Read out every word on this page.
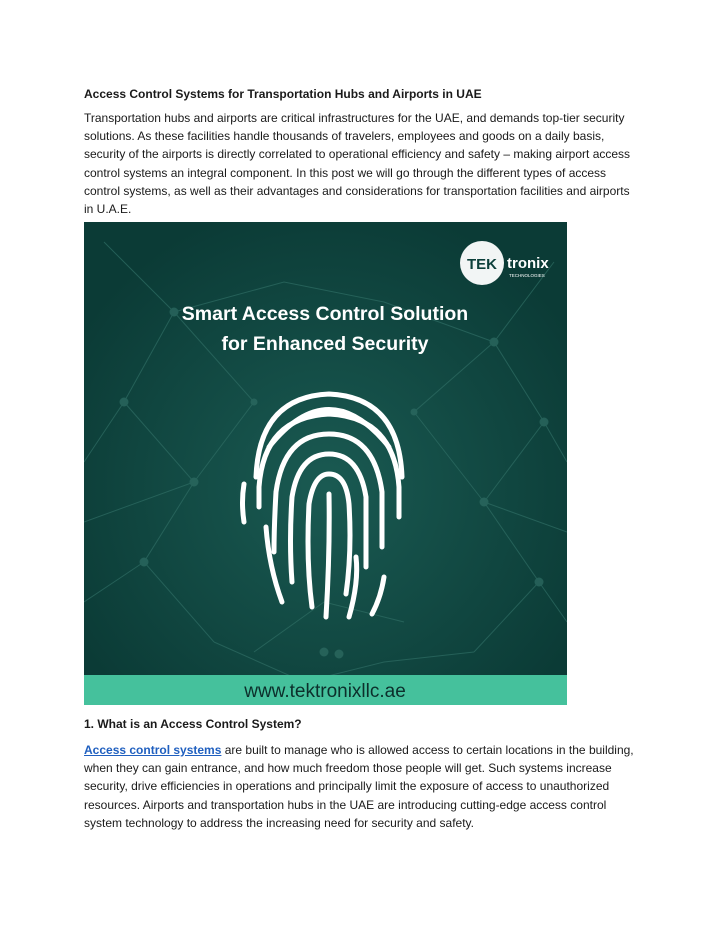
Access Control Systems for Transportation Hubs and Airports in UAE
Transportation hubs and airports are critical infrastructures for the UAE, and demands top-tier security solutions. As these facilities handle thousands of travelers, employees and goods on a daily basis, security of the airports is directly correlated to operational efficiency and safety – making airport access control systems an integral component. In this post we will go through the different types of access control systems, as well as their advantages and considerations for transportation facilities and airports in U.A.E.
TEK tronix
TECHNOLOGIES
Smart Access Control Solution
for Enhanced Security
www.tektronixllc.ae
1. What is an Access Control System?
Access control systems are built to manage who is allowed access to certain locations in the building, when they can gain entrance, and how much freedom those people will get. Such systems increase security, drive efficiencies in operations and principally limit the exposure of access to unauthorized resources. Airports and transportation hubs in the UAE are introducing cutting-edge access control system technology to address the increasing need for security and safety.
